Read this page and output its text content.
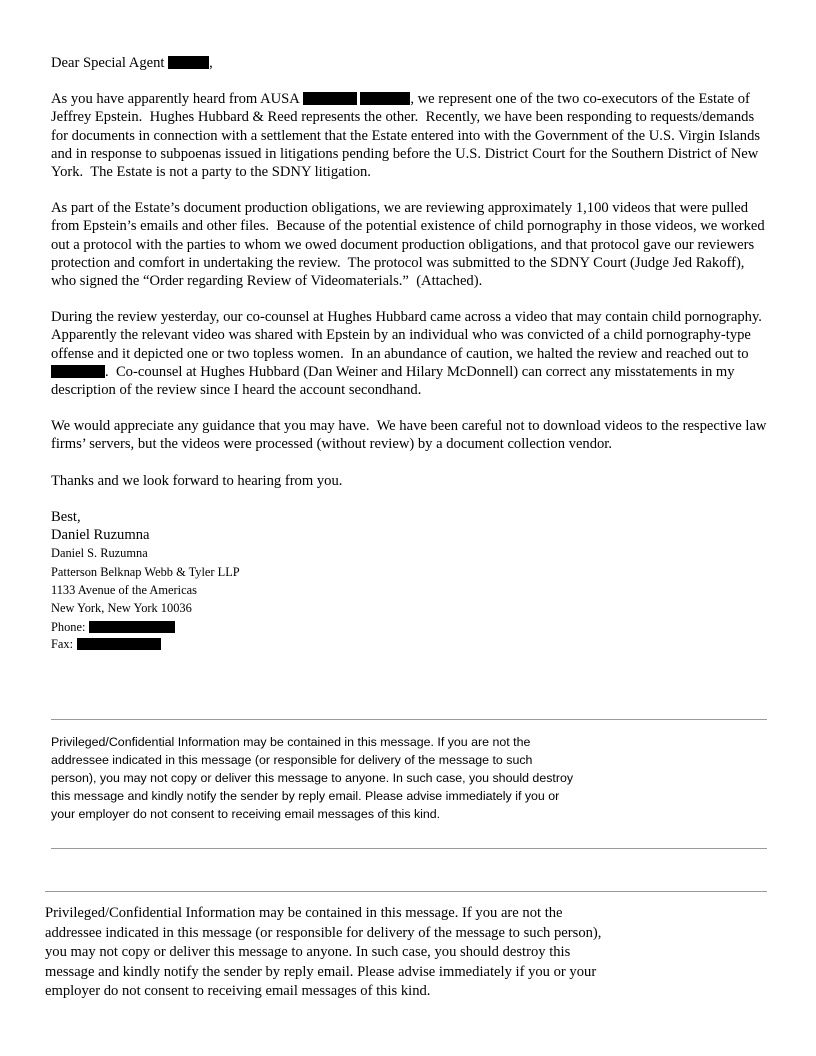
Dear Special Agent	,

As you have apparently heard from AUSA	, we represent one of the two co-executors of the Estate of Jeffrey Epstein.  Hughes Hubbard & Reed represents the other.  Recently, we have been responding to requests/demands for documents in connection with a settlement that the Estate entered into with the Government of the U.S. Virgin Islands and in response to subpoenas issued in litigations pending before the U.S. District Court for the Southern District of New York.  The Estate is not a party to the SDNY litigation.

As part of the Estate’s document production obligations, we are reviewing approximately 1,100 videos that were pulled from Epstein’s emails and other files.  Because of the potential existence of child pornography in those videos, we worked out a protocol with the parties to whom we owed document production obligations, and that protocol gave our reviewers protection and comfort in undertaking the review.  The protocol was submitted to the SDNY Court (Judge Jed Rakoff), who signed the “Order regarding Review of Videomaterials.”  (Attached).

During the review yesterday, our co-counsel at Hughes Hubbard came across a video that may contain child pornography.  Apparently the relevant video was shared with Epstein by an individual who was convicted of a child pornography-type offense and it depicted one or two topless women.  In an abundance of caution, we halted the review and reached out to .  Co-counsel at Hughes Hubbard (Dan Weiner and Hilary McDonnell) can correct any misstatements in my description of the review since I heard the account secondhand.

We would appreciate any guidance that you may have.  We have been careful not to download videos to the respective law firms’ servers, but the videos were processed (without review) by a document collection vendor.

Thanks and we look forward to hearing from you.

Best,
Daniel Ruzumna
Daniel S. Ruzumna
Patterson Belknap Webb & Tyler LLP
1133 Avenue of the Americas
New York, New York 10036
Phone:
Fax:
Privileged/Confidential Information may be contained in this message. If you are not the addressee indicated in this message (or responsible for delivery of the message to such person), you may not copy or deliver this message to anyone. In such case, you should destroy this message and kindly notify the sender by reply email. Please advise immediately if you or your employer do not consent to receiving email messages of this kind.
Privileged/Confidential Information may be contained in this message. If you are not the addressee indicated in this message (or responsible for delivery of the message to such person), you may not copy or deliver this message to anyone. In such case, you should destroy this message and kindly notify the sender by reply email. Please advise immediately if you or your employer do not consent to receiving email messages of this kind.
